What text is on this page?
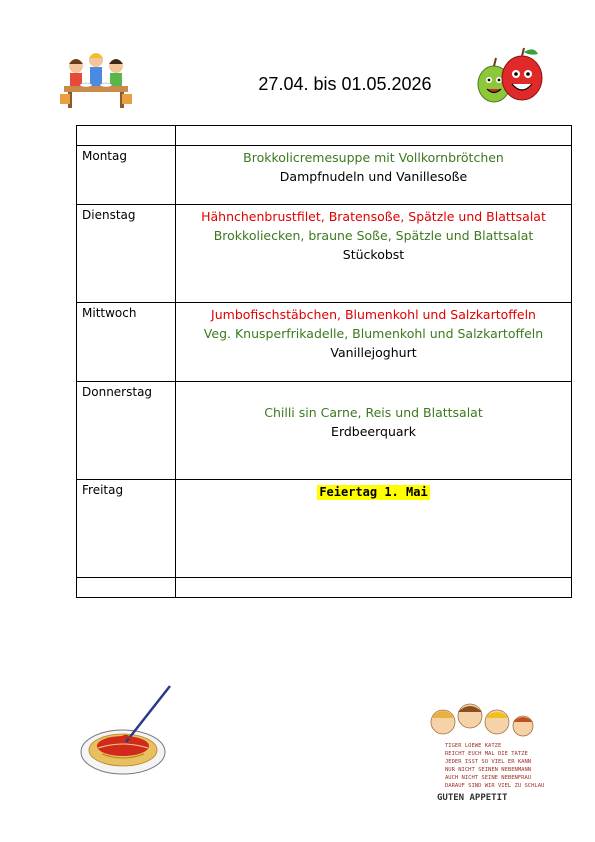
27.04. bis 01.05.2026

Montag	Brokkolicremesuppe mit Vollkornbrötchen
Dampfnudeln und Vanillesoße

Dienstag	Hähnchenbrustfilet, Bratensoße, Spätzle und Blattsalat
Brokkoliecken, braune Soße, Spätzle und Blattsalat
Stückobst

Mittwoch	Jumbofischstäbchen, Blumenkohl und Salzkartoffeln
Veg. Knusperfrikadelle, Blumenkohl und Salzkartoffeln
Vanillejoghurt

Donnerstag	Chilli sin Carne, Reis und Blattsalat
Erdbeerquark

Freitag	Feiertag 1. Mai

TIGER LOEWE KATZE
REICHT EUCH MAL DIE TATZE
JEDER ISST SO VIEL ER KANN
NUR NICHT SEINEN NEBENMANN
AUCH NICHT SEINE NEBENFRAU
DARAUF SIND WIR VIEL ZU SCHLAU
GUTEN APPETIT
